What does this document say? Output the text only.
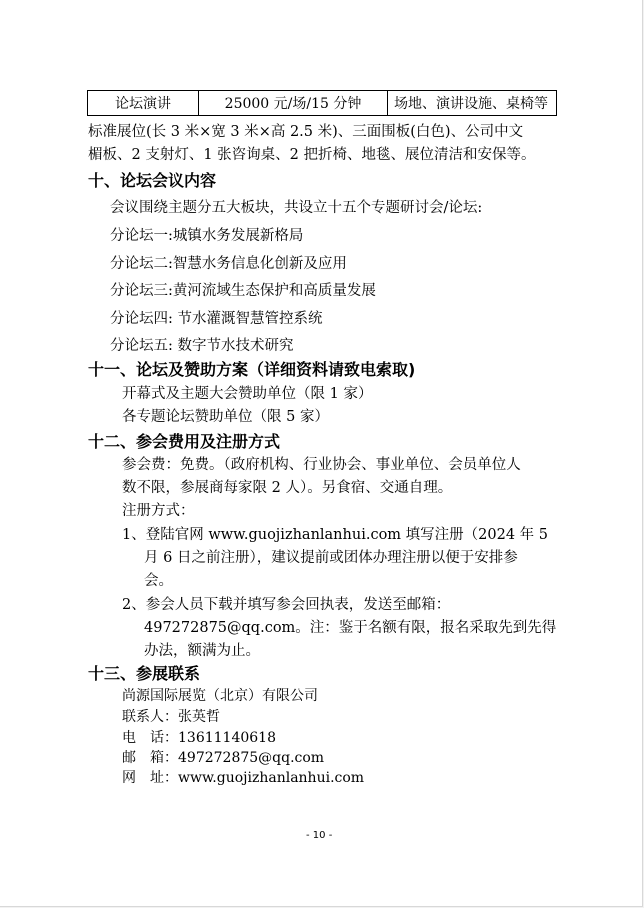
论坛演讲	25000 元/场/15 分钟	场地、演讲设施、桌椅等
标准展位(长 3 米×宽 3 米×高 2.5 米)、三面围板(白色)、公司中文
楣板、2 支射灯、1 张咨询桌、2 把折椅、地毯、展位清洁和安保等。
十、论坛会议内容
会议围绕主题分五大板块，共设立十五个专题研讨会/论坛:
分论坛一:城镇水务发展新格局
分论坛二:智慧水务信息化创新及应用
分论坛三:黄河流域生态保护和高质量发展
分论坛四: 节水灌溉智慧管控系统
分论坛五: 数字节水技术研究
十一、论坛及赞助方案（详细资料请致电索取)
开幕式及主题大会赞助单位（限 1 家）
各专题论坛赞助单位（限 5 家）
十二、参会费用及注册方式
参会费：免费。（政府机构、行业协会、事业单位、会员单位人
数不限，参展商每家限 2 人）。另食宿、交通自理。
注册方式：
1、登陆官网 www.guojizhanlanhui.com 填写注册（2024 年 5
月 6 日之前注册），建议提前或团体办理注册以便于安排参
会。
2、参会人员下载并填写参会回执表，发送至邮箱：
497272875@qq.com。注：鉴于名额有限，报名采取先到先得
办法，额满为止。
十三、参展联系
尚源国际展览（北京）有限公司
联系人：张英哲
电　话：13611140618
邮　箱：497272875@qq.com
网　址：www.guojizhanlanhui.com
- 10 -
